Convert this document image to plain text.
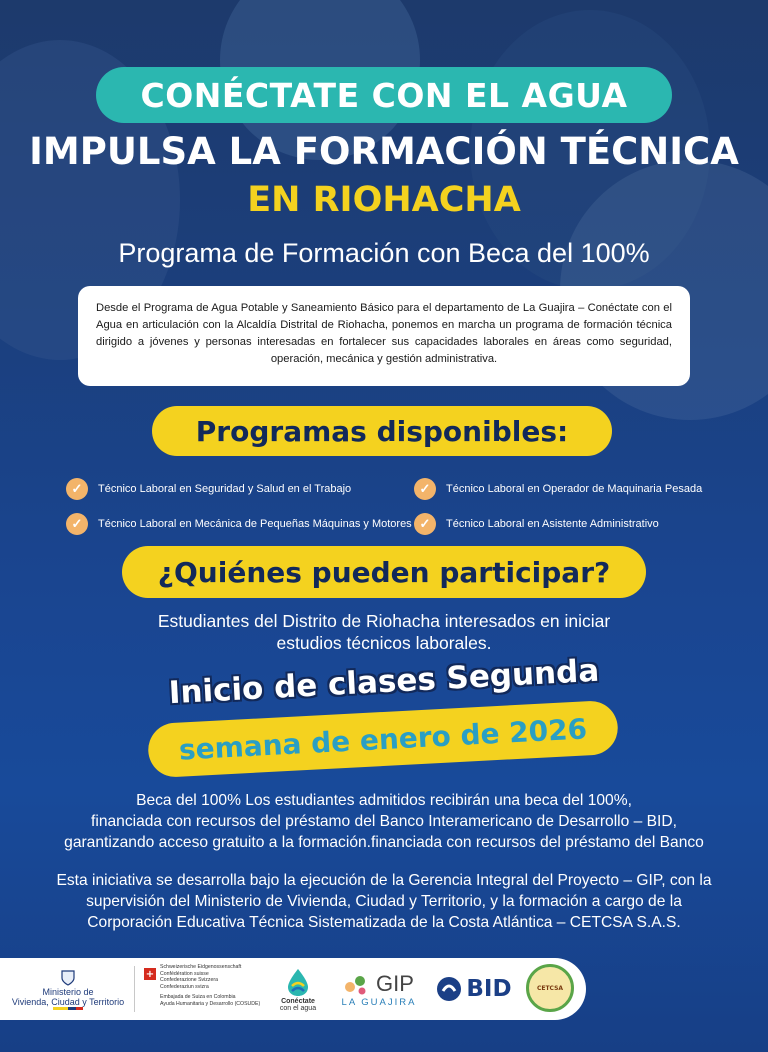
CONÉCTATE CON EL AGUA
IMPULSA LA FORMACIÓN TÉCNICA
EN RIOHACHA
Programa de Formación con Beca del 100%
Desde el Programa de Agua Potable y Saneamiento Básico para el departamento de La Guajira – Conéctate con el Agua en articulación con la Alcaldía Distrital de Riohacha, ponemos en marcha un programa de formación técnica dirigido a jóvenes y personas interesadas en fortalecer sus capacidades laborales en áreas como seguridad, operación, mecánica y gestión administrativa.
Programas disponibles:
✓	Técnico Laboral en Seguridad y Salud en el Trabajo
✓	Técnico Laboral en Mecánica de Pequeñas Máquinas y Motores
✓	Técnico Laboral en Operador de Maquinaria Pesada
✓	Técnico Laboral en Asistente Administrativo
¿Quiénes pueden participar?
Estudiantes del Distrito de Riohacha interesados en iniciar
estudios técnicos laborales.
Inicio de clases Segunda
semana de enero de 2026
Beca del 100% Los estudiantes admitidos recibirán una beca del 100%,
financiada con recursos del préstamo del Banco Interamericano de Desarrollo – BID,
garantizando acceso gratuito a la formación.financiada con recursos del préstamo del Banco
Esta iniciativa se desarrolla bajo la ejecución de la Gerencia Integral del Proyecto – GIP, con la
supervisión del Ministerio de Vivienda, Ciudad y Territorio, y la formación a cargo de la
Corporación Educativa Técnica Sistematizada de la Costa Atlántica – CETCSA S.A.S.
Ministerio de
Vivienda, Ciudad y Territorio
+
Schweizerische Eidgenossenschaft
Confédération suisse
Confederazione Svizzera
Confederaziun svizra
Embajada de Suiza en Colombia
Ayuda Humanitaria y Desarrollo (COSUDE)	Conéctate
con el agua
GIP
LA GUAJIRA BID	CETCSA
